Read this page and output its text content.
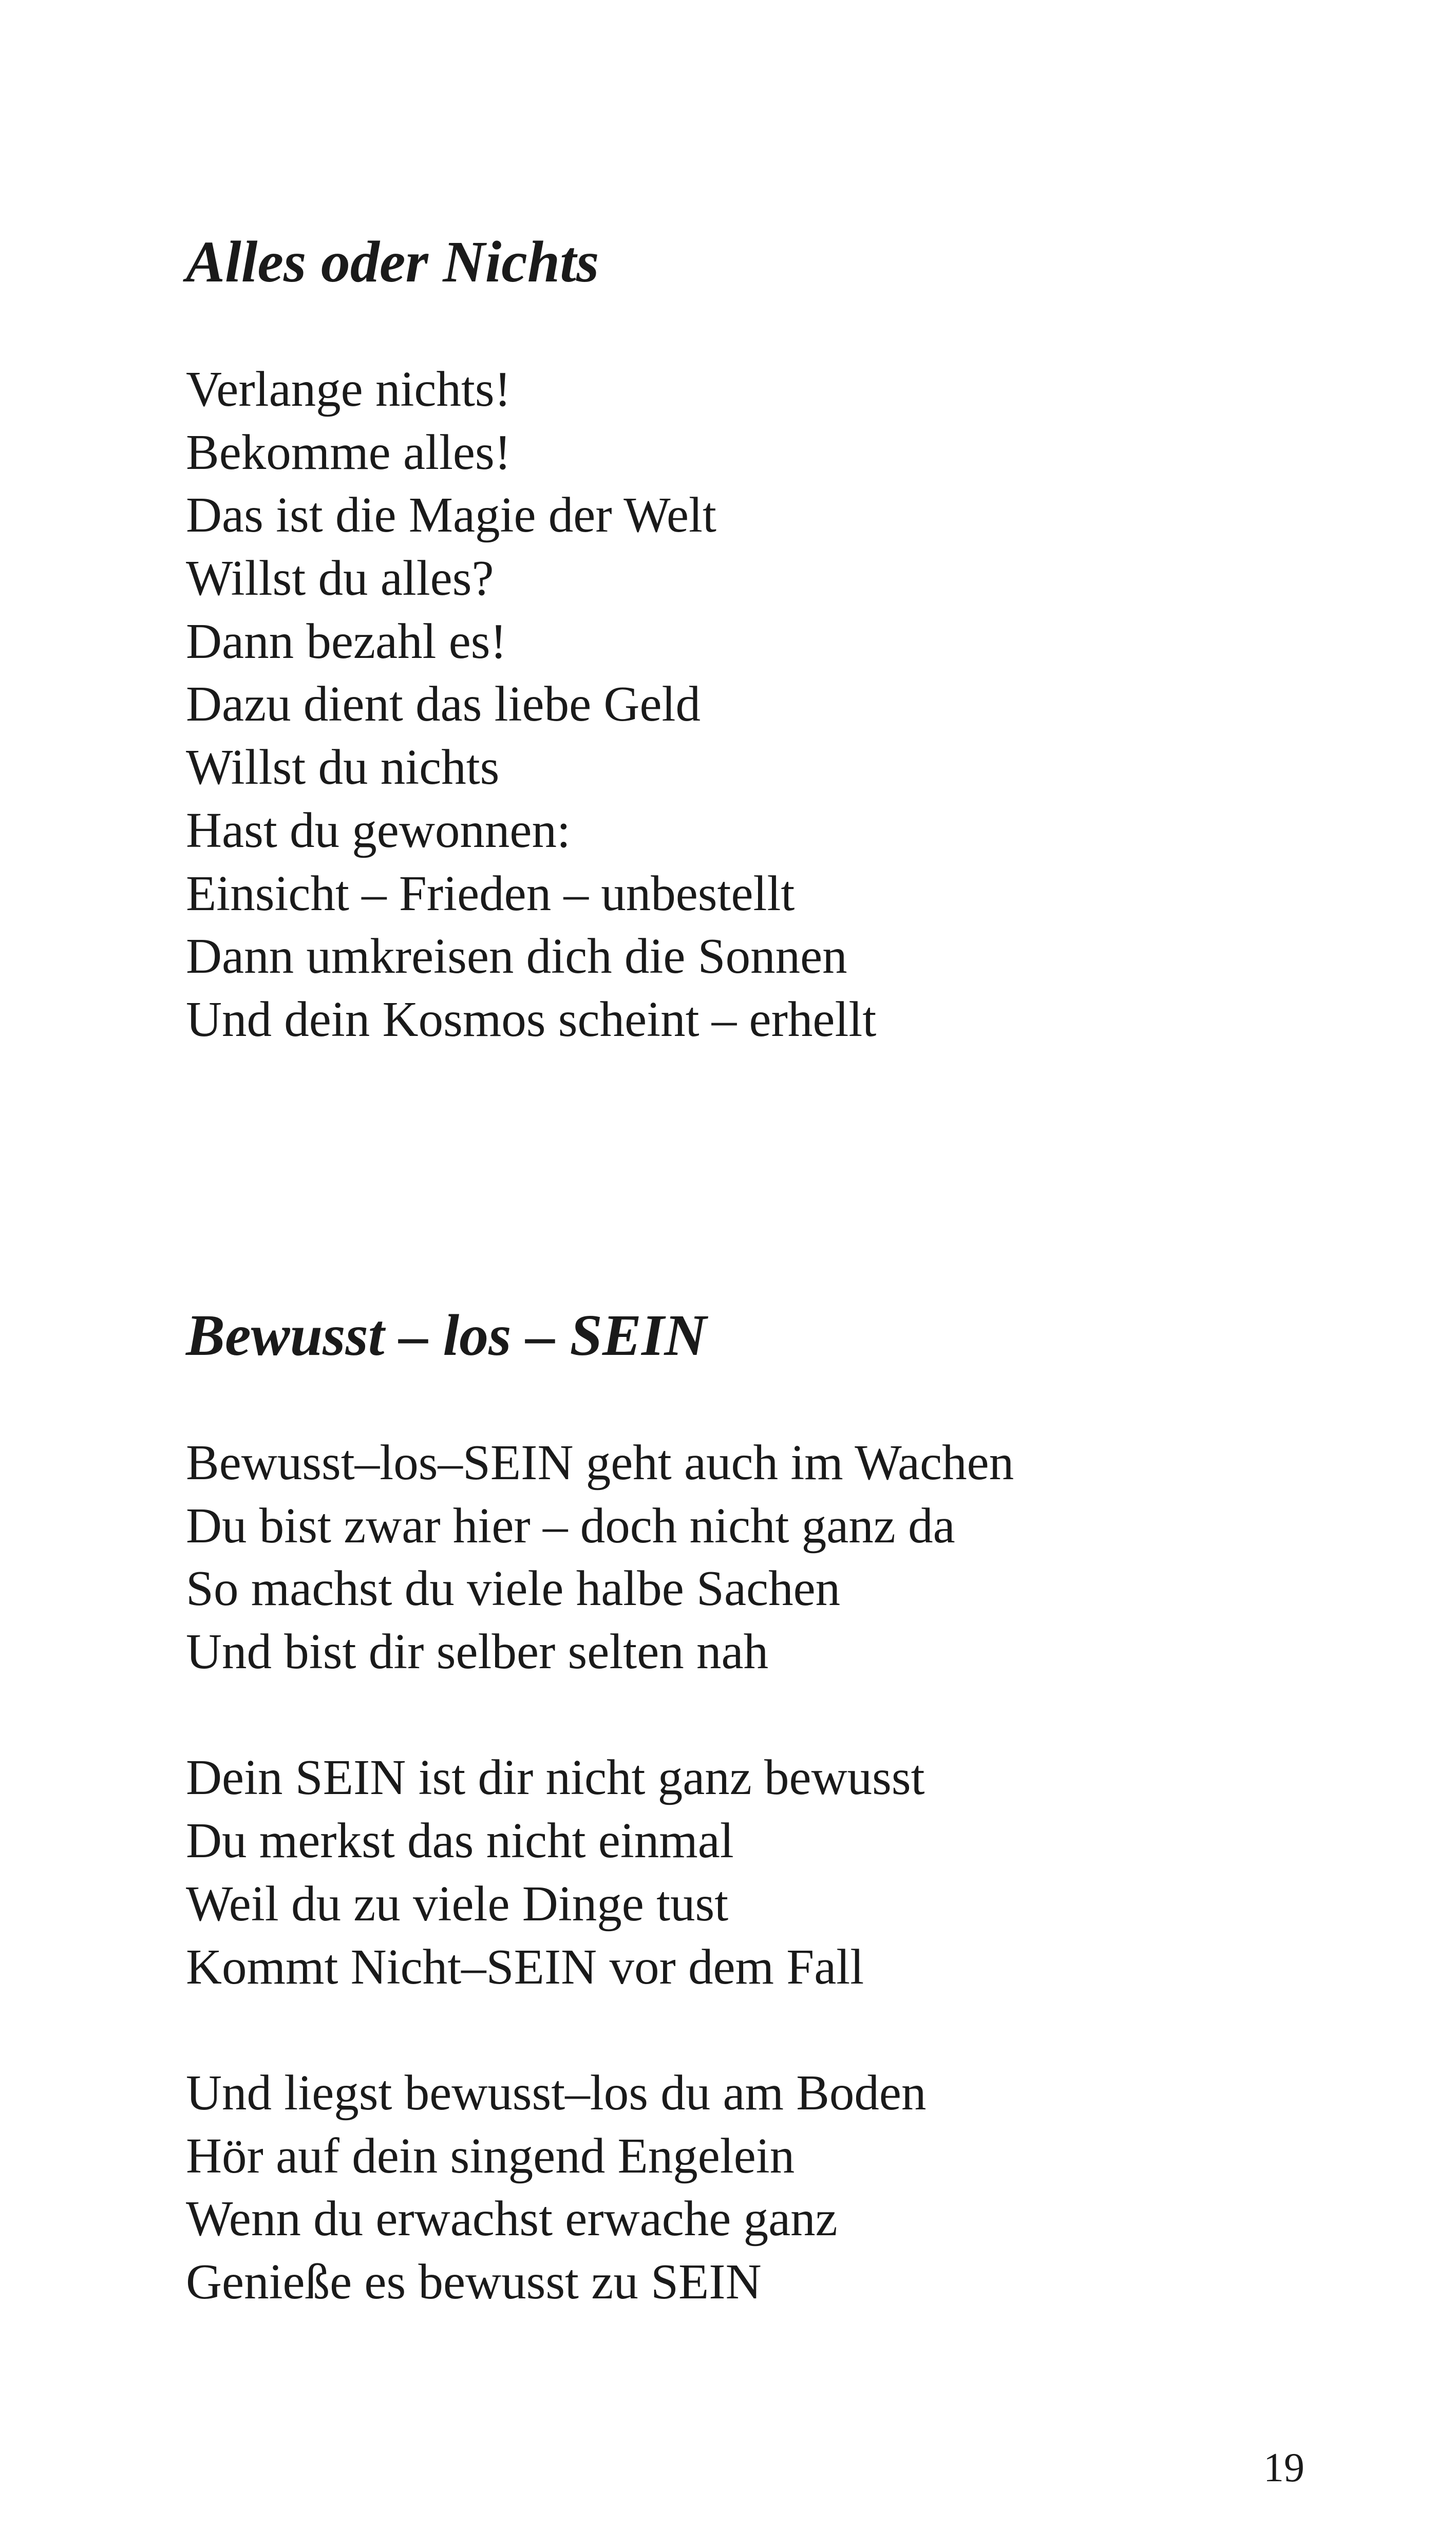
Alles oder Nichts
Verlange nichts!
Bekomme alles!
Das ist die Magie der Welt
Willst du alles?
Dann bezahl es!
Dazu dient das liebe Geld
Willst du nichts
Hast du gewonnen:
Einsicht – Frieden – unbestellt
Dann umkreisen dich die Sonnen
Und dein Kosmos scheint – erhellt
Bewusst – los – SEIN
Bewusst–los–SEIN geht auch im Wachen
Du bist zwar hier – doch nicht ganz da
So machst du viele halbe Sachen
Und bist dir selber selten nah
Dein SEIN ist dir nicht ganz bewusst
Du merkst das nicht einmal
Weil du zu viele Dinge tust
Kommt Nicht–SEIN vor dem Fall
Und liegst bewusst–los du am Boden
Hör auf dein singend Engelein
Wenn du erwachst erwache ganz
Genieße es bewusst zu SEIN
19
